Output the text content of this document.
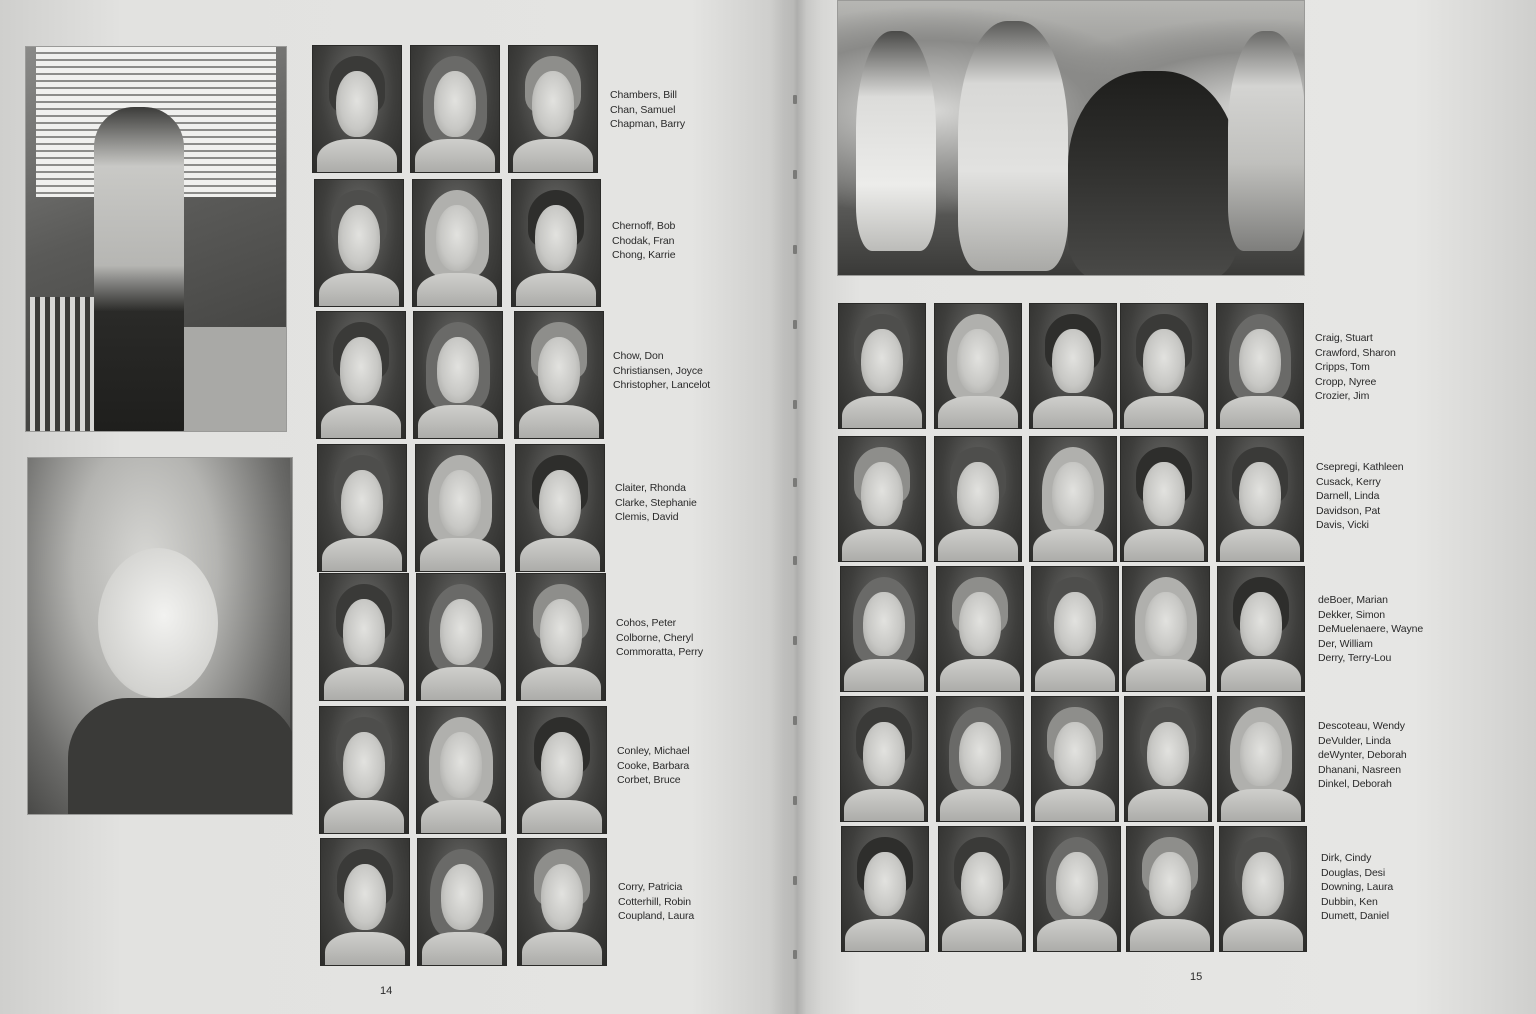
Chambers, Bill
Chan, Samuel
Chapman, Barry
Chernoff, Bob
Chodak, Fran
Chong, Karrie
Chow, Don
Christiansen, Joyce
Christopher, Lancelot
Claiter, Rhonda
Clarke, Stephanie
Clemis, David
Cohos, Peter
Colborne, Cheryl
Commoratta, Perry
Conley, Michael
Cooke, Barbara
Corbet, Bruce
Corry, Patricia
Cotterhill, Robin
Coupland, Laura
Craig, Stuart
Crawford, Sharon
Cripps, Tom
Cropp, Nyree
Crozier, Jim
Csepregi, Kathleen
Cusack, Kerry
Darnell, Linda
Davidson, Pat
Davis, Vicki
deBoer, Marian
Dekker, Simon
DeMuelenaere, Wayne
Der, William
Derry, Terry-Lou
Descoteau, Wendy
DeVulder, Linda
deWynter, Deborah
Dhanani, Nasreen
Dinkel, Deborah
Dirk, Cindy
Douglas, Desi
Downing, Laura
Dubbin, Ken
Dumett, Daniel
14
15
